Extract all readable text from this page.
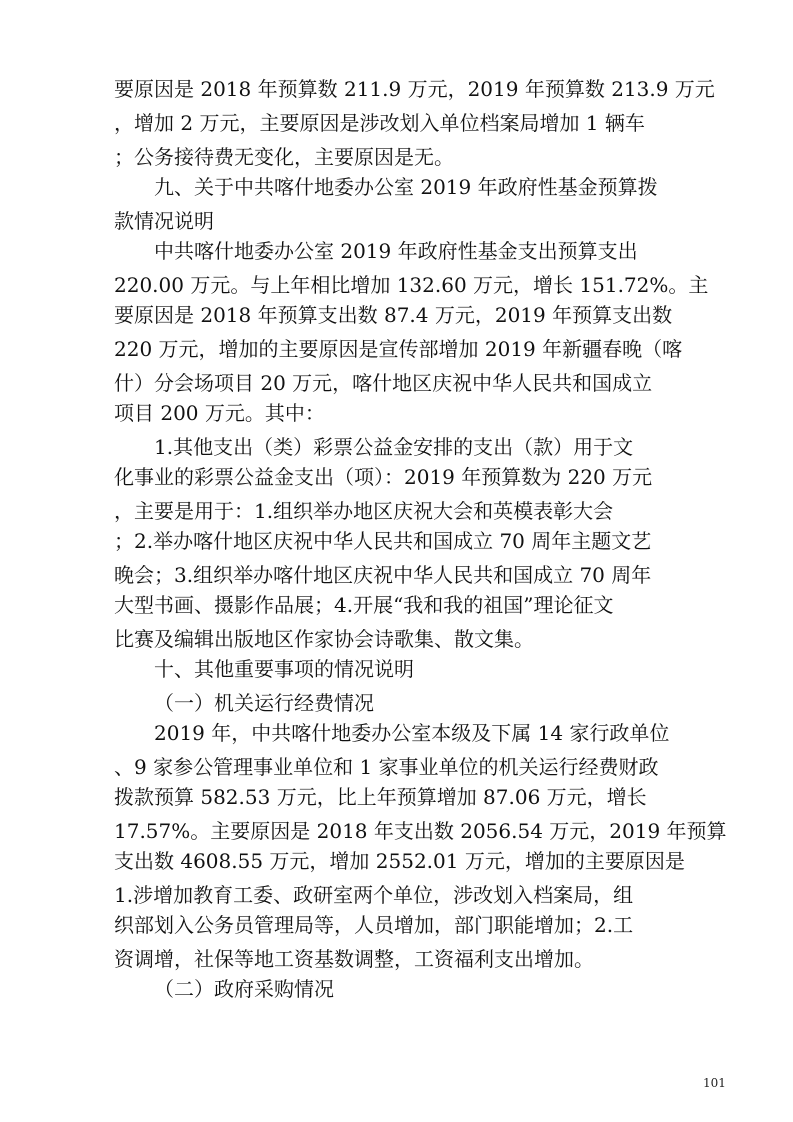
要原因是 2018 年预算数 211.9 万元，2019 年预算数 213.9 万元
，增加 2 万元，主要原因是涉改划入单位档案局增加 1 辆车
；公务接待费无变化，主要原因是无。
九、关于中共喀什地委办公室 2019 年政府性基金预算拨
款情况说明
中共喀什地委办公室 2019 年政府性基金支出预算支出
220.00 万元。与上年相比增加 132.60 万元，增长 151.72%。主
要原因是 2018 年预算支出数 87.4 万元，2019 年预算支出数
220 万元，增加的主要原因是宣传部增加 2019 年新疆春晚（喀
什）分会场项目 20 万元，喀什地区庆祝中华人民共和国成立
项目 200 万元。其中：
1.其他支出（类）彩票公益金安排的支出（款）用于文
化事业的彩票公益金支出（项）：2019 年预算数为 220 万元
，主要是用于：1.组织举办地区庆祝大会和英模表彰大会
；2.举办喀什地区庆祝中华人民共和国成立 70 周年主题文艺
晚会；3.组织举办喀什地区庆祝中华人民共和国成立 70 周年
大型书画、摄影作品展；4.开展“我和我的祖国”理论征文
比赛及编辑出版地区作家协会诗歌集、散文集。
十、其他重要事项的情况说明
（一）机关运行经费情况
2019 年，中共喀什地委办公室本级及下属 14 家行政单位
、9 家参公管理事业单位和 1 家事业单位的机关运行经费财政
拨款预算 582.53 万元，比上年预算增加 87.06 万元，增长
17.57%。主要原因是 2018 年支出数 2056.54 万元，2019 年预算
支出数 4608.55 万元，增加 2552.01 万元，增加的主要原因是
1.涉增加教育工委、政研室两个单位，涉改划入档案局，组
织部划入公务员管理局等，人员增加，部门职能增加；2.工
资调增，社保等地工资基数调整，工资福利支出增加。
（二）政府采购情况
101
